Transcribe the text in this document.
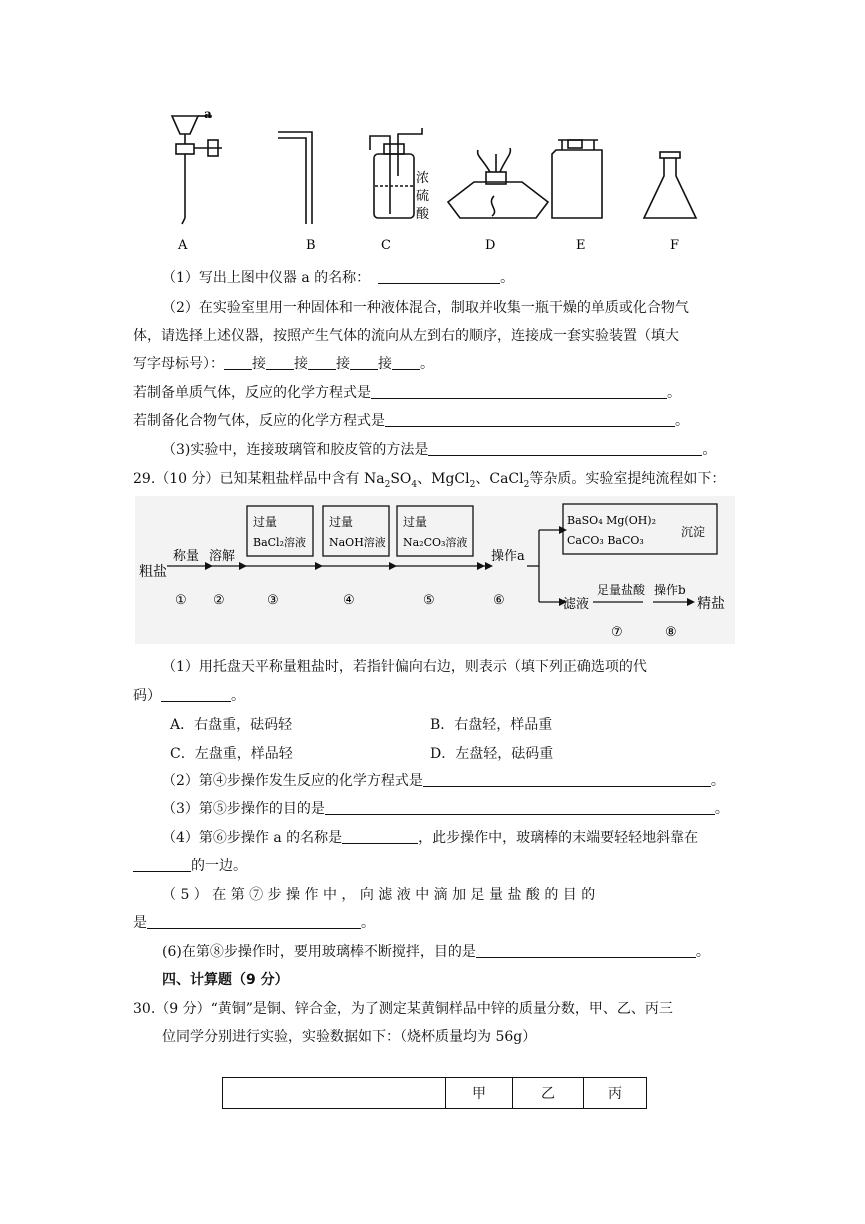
a
浓
硫
酸
A	B	C	D	E	F
（1）写出上图中仪器 a 的名称：	。
（2）在实验室里用一种固体和一种液体混合，制取并收集一瓶干燥的单质或化合物气
体，请选择上述仪器，按照产生气体的流向从左到右的顺序，连接成一套实验装置（填大
写字母标号）： 接 接 接 接 。
若制备单质气体，反应的化学方程式是	。
若制备化合物气体，反应的化学方程式是	。
（3)实验中，连接玻璃管和胶皮管的方法是	。
29.（10 分）已知某粗盐样品中含有 $Na_2SO_4$、MgCl$_2$、CaCl$_2$等杂质。实验室提纯流程如下：
粗盐
称量 溶解
过量
BaCl₂溶液
过量
NaOH溶液
过量
Na₂CO₃溶液
操作a
BaSO₄ Mg(OH)₂
CaCO₃ BaCO₃
沉淀
滤液
足量盐酸 操作b
精盐
① ②	③	④	⑤	⑥
⑦	⑧
（1）用托盘天平称量粗盐时，若指针偏向右边，则表示（填下列正确选项的代
码）	。
A．右盘重，砝码轻	B．右盘轻，样品重
C．左盘重，样品轻	D．左盘轻，砝码重
（2）第④步操作发生反应的化学方程式是	。
（3）第⑤步操作的目的是	。
（4）第⑥步操作 a 的名称是	，此步操作中，玻璃棒的末端要轻轻地斜靠在
的一边。
（ 5 ） 在 第 ⑦ 步 操 作 中 ， 向 滤 液 中 滴 加 足 量 盐 酸 的 目 的
是	。
(6)在第⑧步操作时，要用玻璃棒不断搅拌，目的是	。
四、计算题（9 分）
30.（9 分）“黄铜”是铜、锌合金，为了测定某黄铜样品中锌的质量分数，甲、乙、丙三
位同学分别进行实验，实验数据如下：（烧杯质量均为 56g）
	甲	乙	丙
